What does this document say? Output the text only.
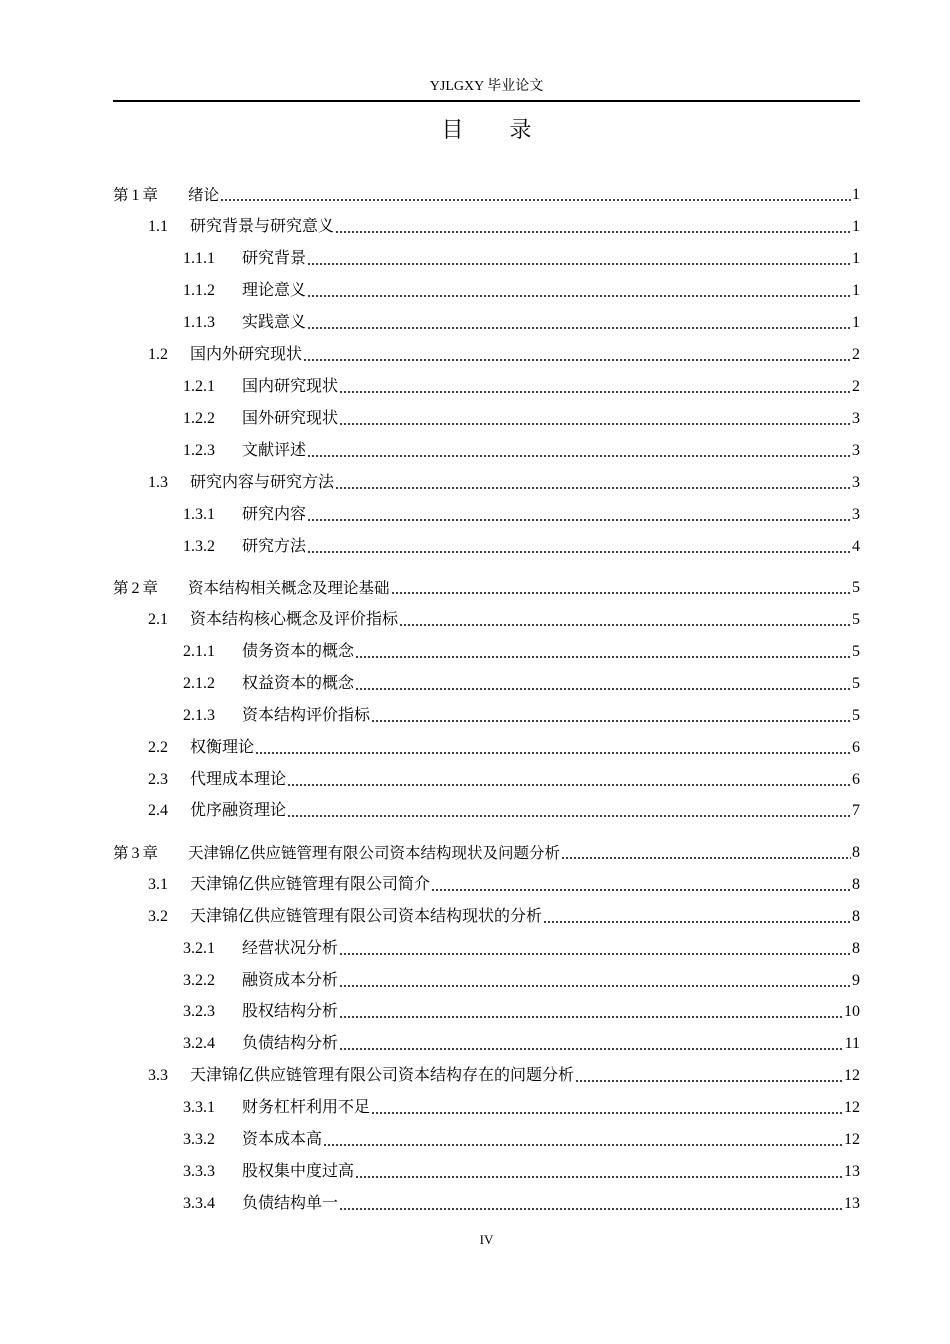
YJLGXY 毕业论文
目 录
第 1 章	绪论	1
1.1	研究背景与研究意义	1
1.1.1	研究背景	1
1.1.2	理论意义	1
1.1.3	实践意义	1
1.2	国内外研究现状	2
1.2.1	国内研究现状	2
1.2.2	国外研究现状	3
1.2.3	文献评述	3
1.3	研究内容与研究方法	3
1.3.1	研究内容	3
1.3.2	研究方法	4
第 2 章	资本结构相关概念及理论基础	5
2.1	资本结构核心概念及评价指标	5
2.1.1	债务资本的概念	5
2.1.2	权益资本的概念	5
2.1.3	资本结构评价指标	5
2.2	权衡理论	6
2.3	代理成本理论	6
2.4	优序融资理论	7
第 3 章	天津锦亿供应链管理有限公司资本结构现状及问题分析	8
3.1	天津锦亿供应链管理有限公司简介	8
3.2	天津锦亿供应链管理有限公司资本结构现状的分析	8
3.2.1	经营状况分析	8
3.2.2	融资成本分析	9
3.2.3	股权结构分析	10
3.2.4	负债结构分析	11
3.3	天津锦亿供应链管理有限公司资本结构存在的问题分析	12
3.3.1	财务杠杆利用不足	12
3.3.2	资本成本高	12
3.3.3	股权集中度过高	13
3.3.4	负债结构单一	13
IV
